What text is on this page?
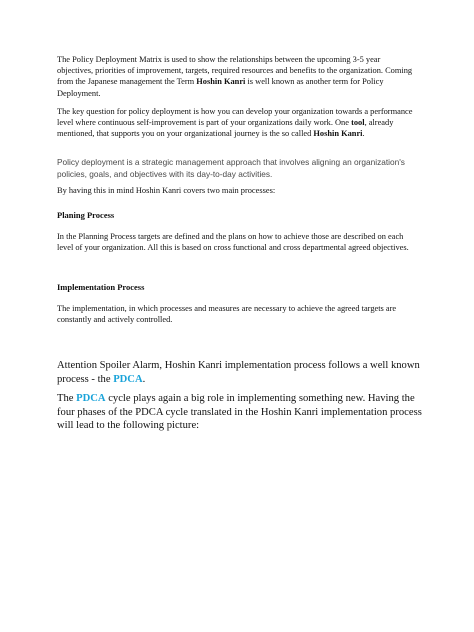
The Policy Deployment Matrix is used to show the relationships between the upcoming 3-5 year objectives, priorities of improvement, targets, required resources and benefits to the organization. Coming from the Japanese management the Term Hoshin Kanri is well known as another term for Policy Deployment.

The key question for policy deployment is how you can develop your organization towards a performance level where continuous self-improvement is part of your organizations daily work. One tool, already mentioned, that supports you on your organizational journey is the so called Hoshin Kanri.

Policy deployment is a strategic management approach that involves aligning an organization's policies, goals, and objectives with its day-to-day activities.

By having this in mind Hoshin Kanri covers two main processes:

Planing Process

In the Planning Process targets are defined and the plans on how to achieve those are described on each level of your organization. All this is based on cross functional and cross departmental agreed objectives.

Implementation Process

The implementation, in which processes and measures are necessary to achieve the agreed targets are constantly and actively controlled.

Attention Spoiler Alarm, Hoshin Kanri implementation process follows a well known process - the PDCA.

The PDCA cycle plays again a big role in implementing something new. Having the four phases of the PDCA cycle translated in the Hoshin Kanri implementation process will lead to the following picture:
